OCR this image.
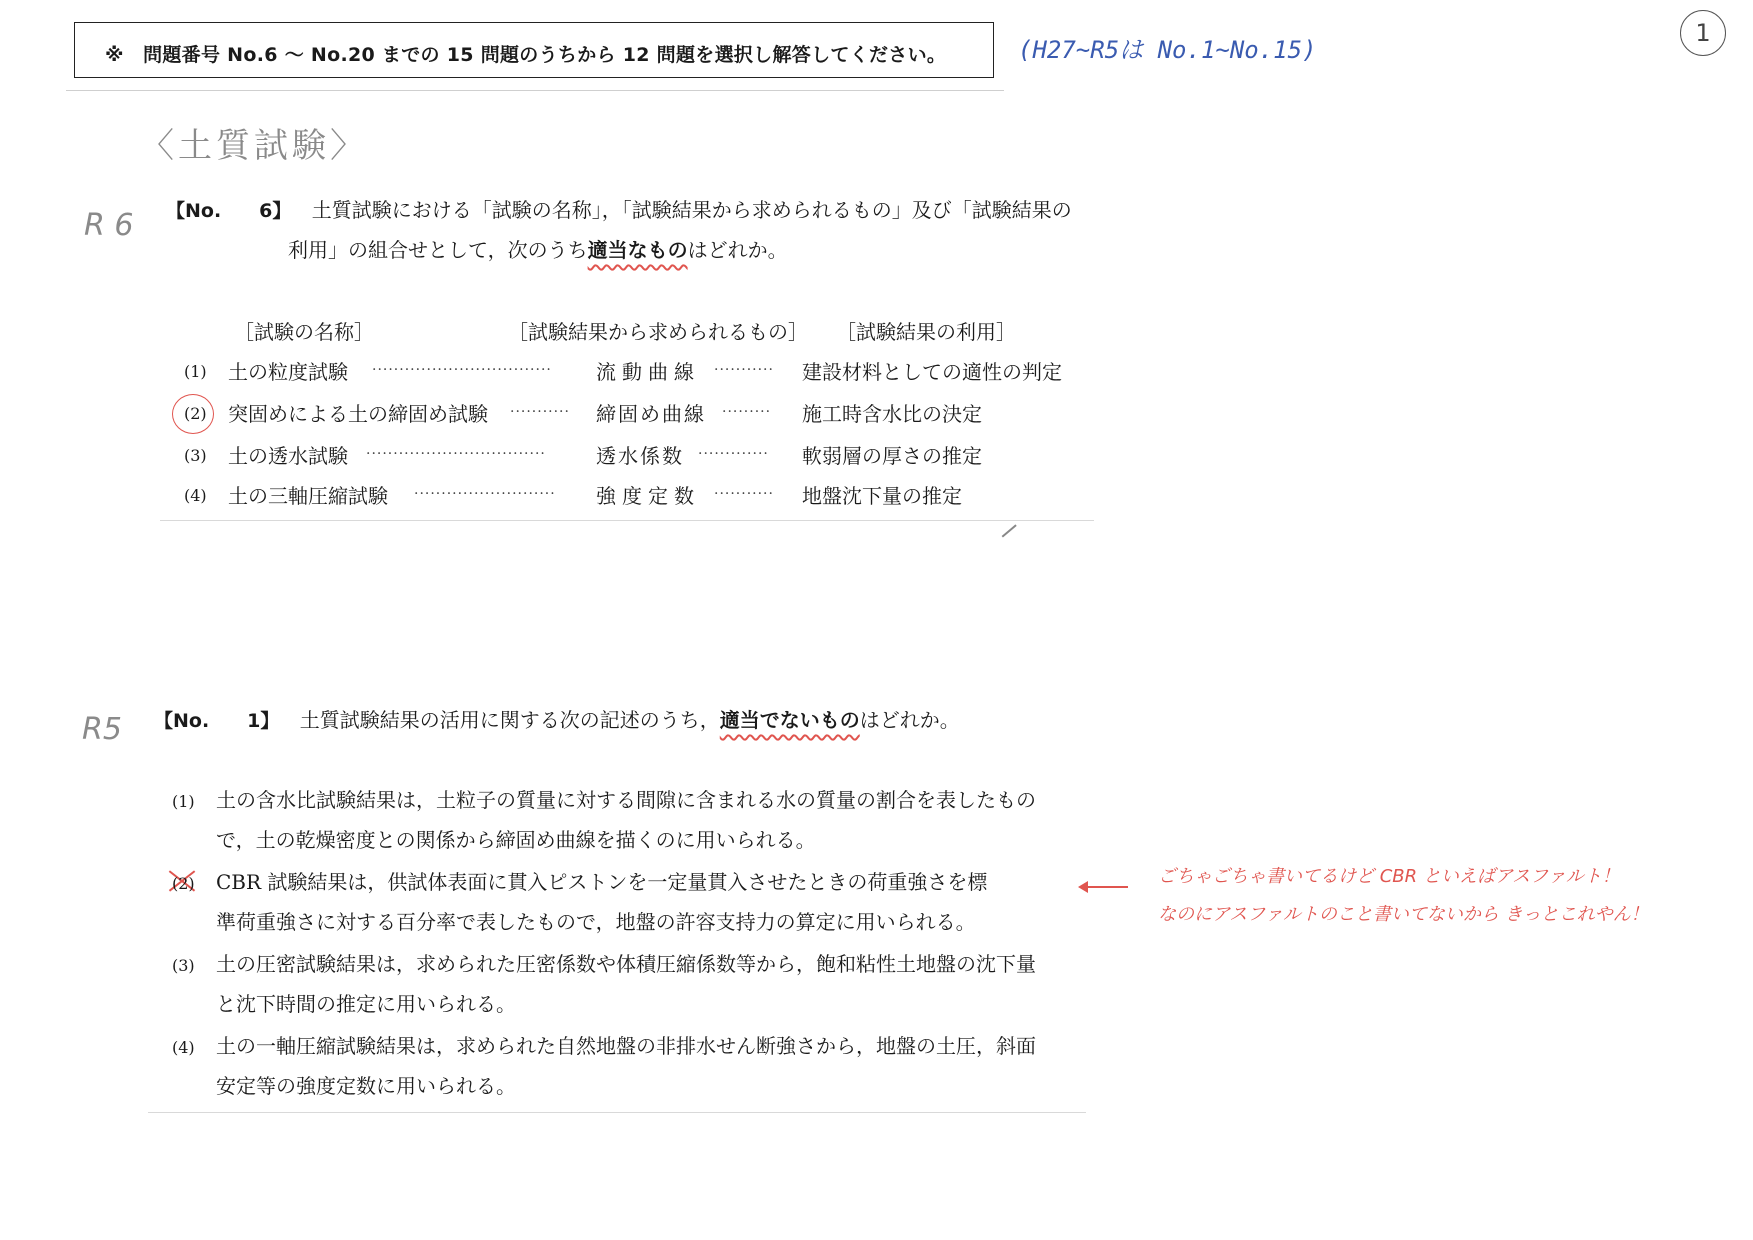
※　問題番号 No.6 ～ No.20 までの 15 問題のうちから 12 問題を選択し解答してください。	(H27~R5は No.1~No.15)
1
〈土質試験〉
R 6 【No.　　6】 土質試験における「試験の名称」，「試験結果から求められるもの」及び「試験結果の
利用」の組合せとして，次のうち適当なものはどれか。
［試験の名称］	［試験結果から求められるもの］ ［試験結果の利用］
(1) 土の粒度試験 ································· 流動曲線 ··········· 建設材料としての適性の判定
(2) 突固めによる土の締固め試験 ··········· 締固め曲線 ········· 施工時含水比の決定
(3) 土の透水試験 ·································	透水係数 ············· 軟弱層の厚さの推定
(4) 土の三軸圧縮試験 ·························· 強度定数 ··········· 地盤沈下量の推定
R5 【No.　　1】 土質試験結果の活用に関する次の記述のうち，適当でないものはどれか。
(1) 土の含水比試験結果は，土粒子の質量に対する間隙に含まれる水の質量の割合を表したもの
で，土の乾燥密度との関係から締固め曲線を描くのに用いられる。
(2) CBR 試験結果は，供試体表面に貫入ピストンを一定量貫入させたときの荷重強さを標
準荷重強さに対する百分率で表したもので，地盤の許容支持力の算定に用いられる。
(3) 土の圧密試験結果は，求められた圧密係数や体積圧縮係数等から，飽和粘性土地盤の沈下量
と沈下時間の推定に用いられる。
(4) 土の一軸圧縮試験結果は，求められた自然地盤の非排水せん断強さから，地盤の土圧，斜面
安定等の強度定数に用いられる。
ごちゃごちゃ書いてるけど CBR といえばアスファルト！
なのにアスファルトのこと書いてないから きっとこれやん！
